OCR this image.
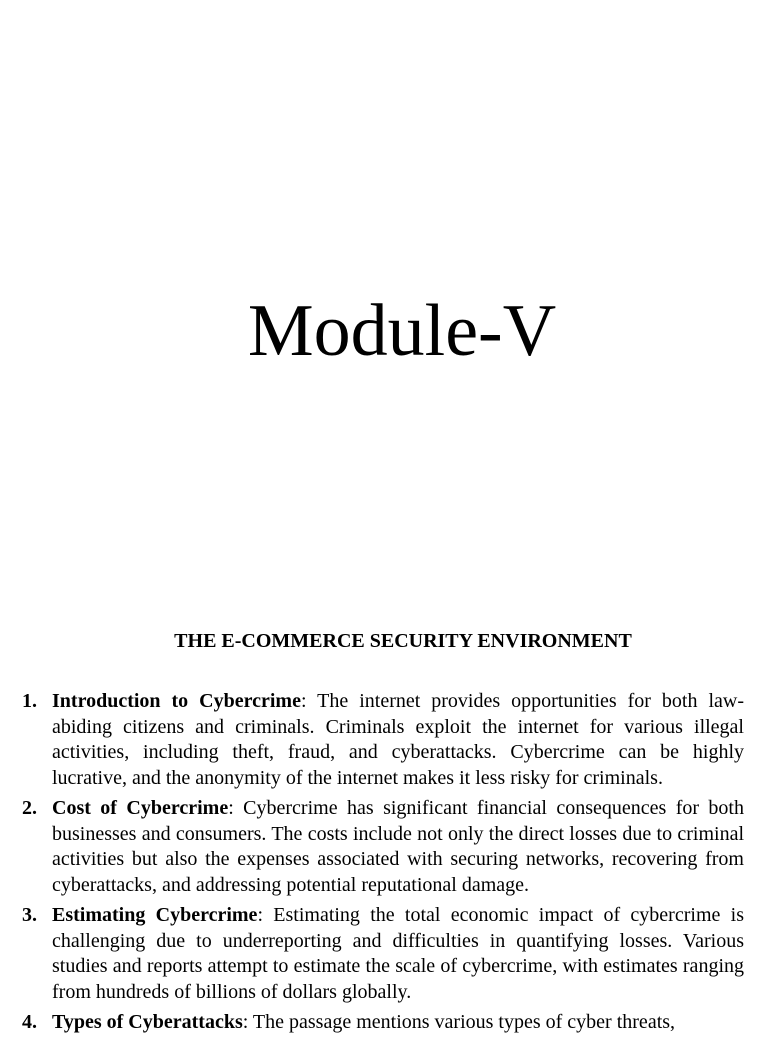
Module-V
THE E-COMMERCE SECURITY ENVIRONMENT
1. Introduction to Cybercrime: The internet provides opportunities for both law-abiding citizens and criminals. Criminals exploit the internet for various illegal activities, including theft, fraud, and cyberattacks. Cybercrime can be highly lucrative, and the anonymity of the internet makes it less risky for criminals.
2. Cost of Cybercrime: Cybercrime has significant financial consequences for both businesses and consumers. The costs include not only the direct losses due to criminal activities but also the expenses associated with securing networks, recovering from cyberattacks, and addressing potential reputational damage.
3. Estimating Cybercrime: Estimating the total economic impact of cybercrime is challenging due to underreporting and difficulties in quantifying losses. Various studies and reports attempt to estimate the scale of cybercrime, with estimates ranging from hundreds of billions of dollars globally.
4. Types of Cyberattacks: The passage mentions various types of cyber threats,
